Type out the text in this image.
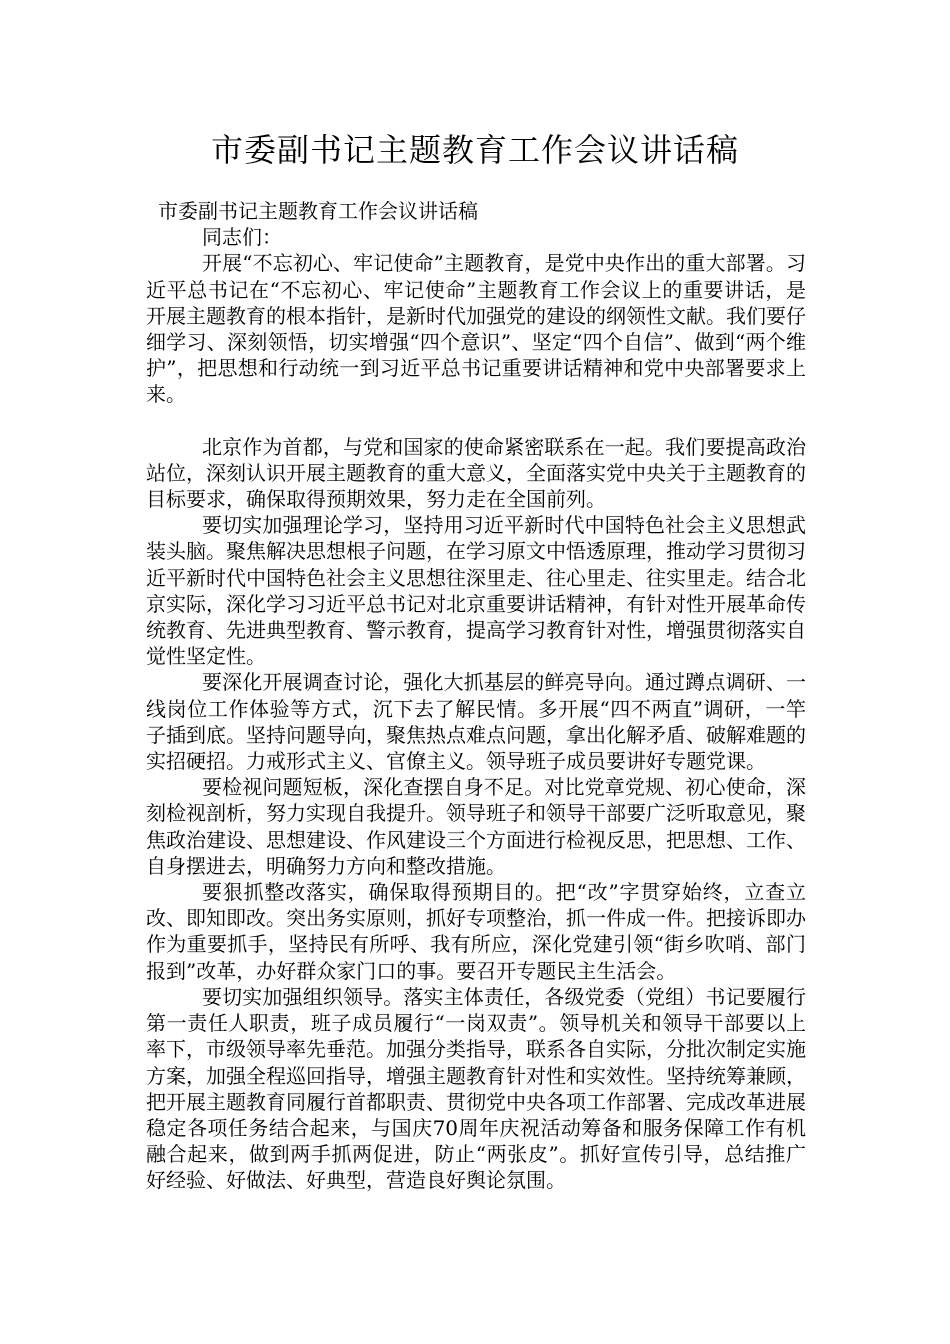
市委副书记主题教育工作会议讲话稿

市委副书记主题教育工作会议讲话稿

同志们：

开展“不忘初心、牢记使命”主题教育，是党中央作出的重大部署。习近平总书记在“不忘初心、牢记使命”主题教育工作会议上的重要讲话，是开展主题教育的根本指针，是新时代加强党的建设的纲领性文献。我们要仔细学习、深刻领悟，切实增强“四个意识”、坚定“四个自信”、做到“两个维护”，把思想和行动统一到习近平总书记重要讲话精神和党中央部署要求上来。

北京作为首都，与党和国家的使命紧密联系在一起。我们要提高政治站位，深刻认识开展主题教育的重大意义，全面落实党中央关于主题教育的目标要求，确保取得预期效果，努力走在全国前列。

要切实加强理论学习，坚持用习近平新时代中国特色社会主义思想武装头脑。聚焦解决思想根子问题，在学习原文中悟透原理，推动学习贯彻习近平新时代中国特色社会主义思想往深里走、往心里走、往实里走。结合北京实际，深化学习习近平总书记对北京重要讲话精神，有针对性开展革命传统教育、先进典型教育、警示教育，提高学习教育针对性，增强贯彻落实自觉性坚定性。

要深化开展调查讨论，强化大抓基层的鲜亮导向。通过蹲点调研、一线岗位工作体验等方式，沉下去了解民情。多开展“四不两直”调研，一竿子插到底。坚持问题导向，聚焦热点难点问题，拿出化解矛盾、破解难题的实招硬招。力戒形式主义、官僚主义。领导班子成员要讲好专题党课。

要检视问题短板，深化查摆自身不足。对比党章党规、初心使命，深刻检视剖析，努力实现自我提升。领导班子和领导干部要广泛听取意见，聚焦政治建设、思想建设、作风建设三个方面进行检视反思，把思想、工作、自身摆进去，明确努力方向和整改措施。

要狠抓整改落实，确保取得预期目的。把“改”字贯穿始终，立查立改、即知即改。突出务实原则，抓好专项整治，抓一件成一件。把接诉即办作为重要抓手，坚持民有所呼、我有所应，深化党建引领“街乡吹哨、部门报到”改革，办好群众家门口的事。要召开专题民主生活会。

要切实加强组织领导。落实主体责任，各级党委（党组）书记要履行第一责任人职责，班子成员履行“一岗双责”。领导机关和领导干部要以上率下，市级领导率先垂范。加强分类指导，联系各自实际，分批次制定实施方案，加强全程巡回指导，增强主题教育针对性和实效性。坚持统筹兼顾，把开展主题教育同履行首都职责、贯彻党中央各项工作部署、完成改革进展稳定各项任务结合起来，与国庆70周年庆祝活动筹备和服务保障工作有机融合起来，做到两手抓两促进，防止“两张皮”。抓好宣传引导，总结推广好经验、好做法、好典型，营造良好舆论氛围。
